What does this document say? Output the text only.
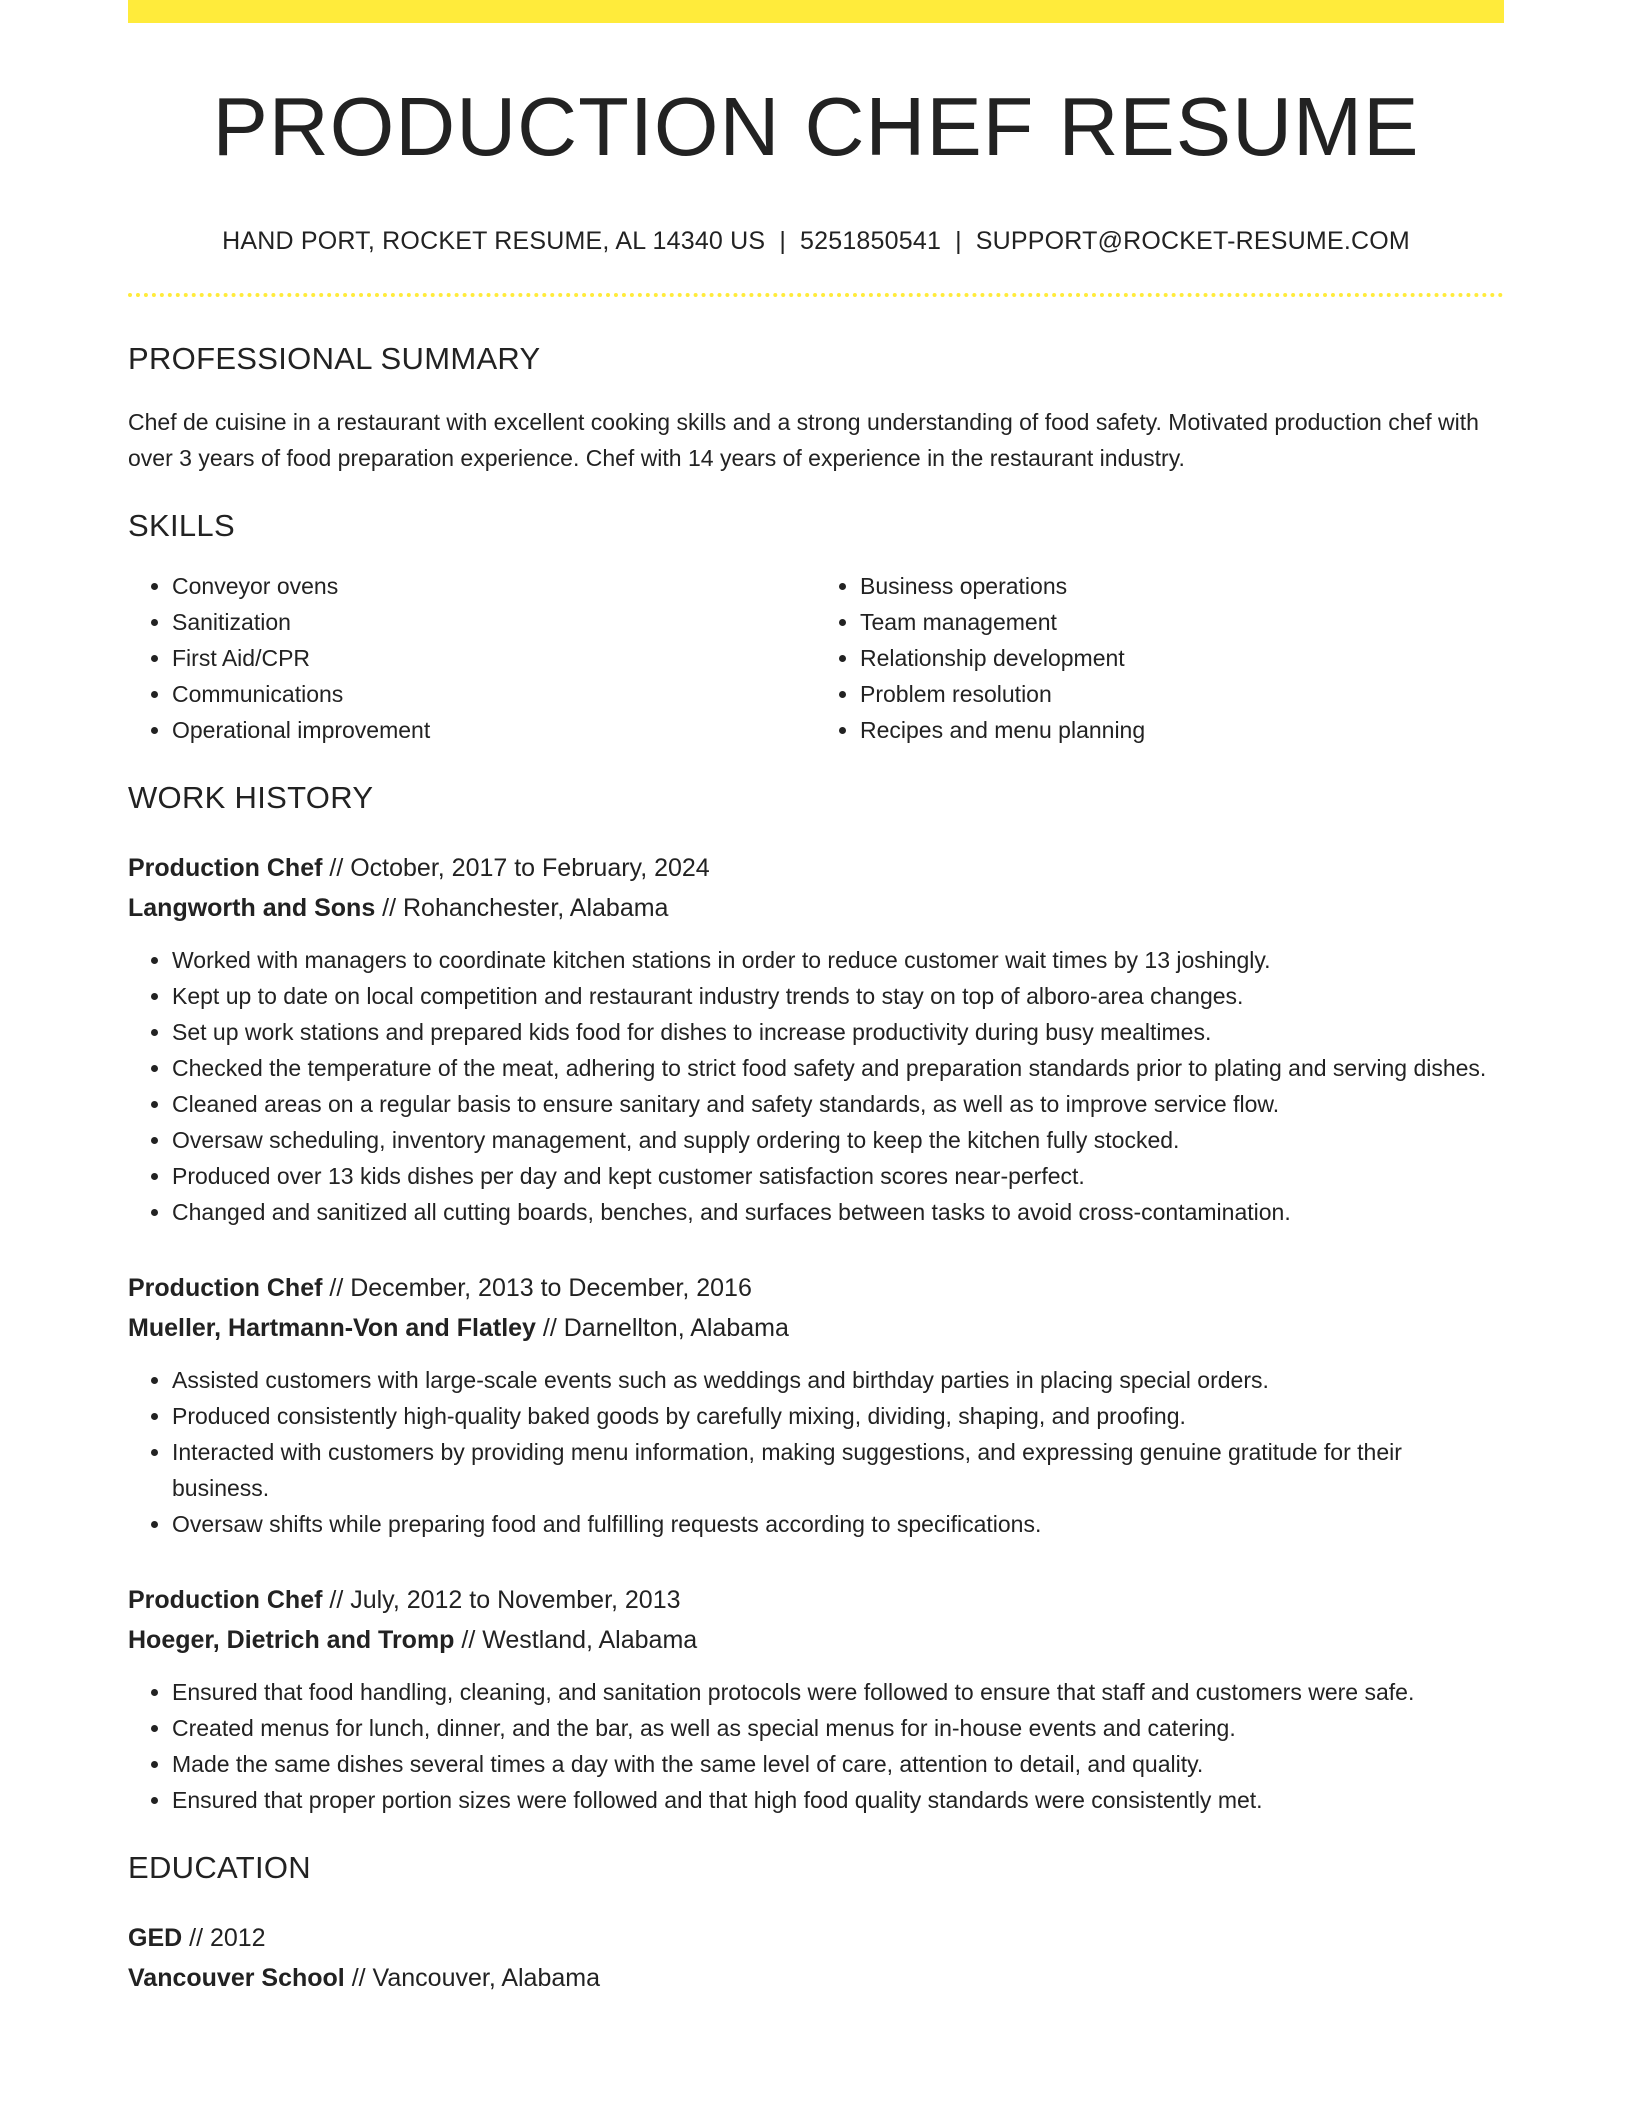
PRODUCTION CHEF RESUME
HAND PORT, ROCKET RESUME, AL 14340 US | 5251850541 | SUPPORT@ROCKET-RESUME.COM
PROFESSIONAL SUMMARY

Chef de cuisine in a restaurant with excellent cooking skills and a strong understanding of food safety. Motivated production chef with over 3 years of food preparation experience. Chef with 14 years of experience in the restaurant industry.

SKILLS
• Conveyor ovens
• Sanitization
• First Aid/CPR
• Communications
• Operational improvement
• Business operations
• Team management
• Relationship development
• Problem resolution
• Recipes and menu planning
WORK HISTORY
Production Chef // October, 2017 to February, 2024
Langworth and Sons // Rohanchester, Alabama
• Worked with managers to coordinate kitchen stations in order to reduce customer wait times by 13 joshingly.
• Kept up to date on local competition and restaurant industry trends to stay on top of alboro-area changes.
• Set up work stations and prepared kids food for dishes to increase productivity during busy mealtimes.
• Checked the temperature of the meat, adhering to strict food safety and preparation standards prior to plating and serving dishes.
• Cleaned areas on a regular basis to ensure sanitary and safety standards, as well as to improve service flow.
• Oversaw scheduling, inventory management, and supply ordering to keep the kitchen fully stocked.
• Produced over 13 kids dishes per day and kept customer satisfaction scores near-perfect.
• Changed and sanitized all cutting boards, benches, and surfaces between tasks to avoid cross-contamination.
Production Chef // December, 2013 to December, 2016
Mueller, Hartmann-Von and Flatley // Darnellton, Alabama
• Assisted customers with large-scale events such as weddings and birthday parties in placing special orders.
• Produced consistently high-quality baked goods by carefully mixing, dividing, shaping, and proofing.
• Interacted with customers by providing menu information, making suggestions, and expressing genuine gratitude for their business.
• Oversaw shifts while preparing food and fulfilling requests according to specifications.
Production Chef // July, 2012 to November, 2013
Hoeger, Dietrich and Tromp // Westland, Alabama
• Ensured that food handling, cleaning, and sanitation protocols were followed to ensure that staff and customers were safe.
• Created menus for lunch, dinner, and the bar, as well as special menus for in-house events and catering.
• Made the same dishes several times a day with the same level of care, attention to detail, and quality.
• Ensured that proper portion sizes were followed and that high food quality standards were consistently met.
EDUCATION
GED // 2012
Vancouver School // Vancouver, Alabama
